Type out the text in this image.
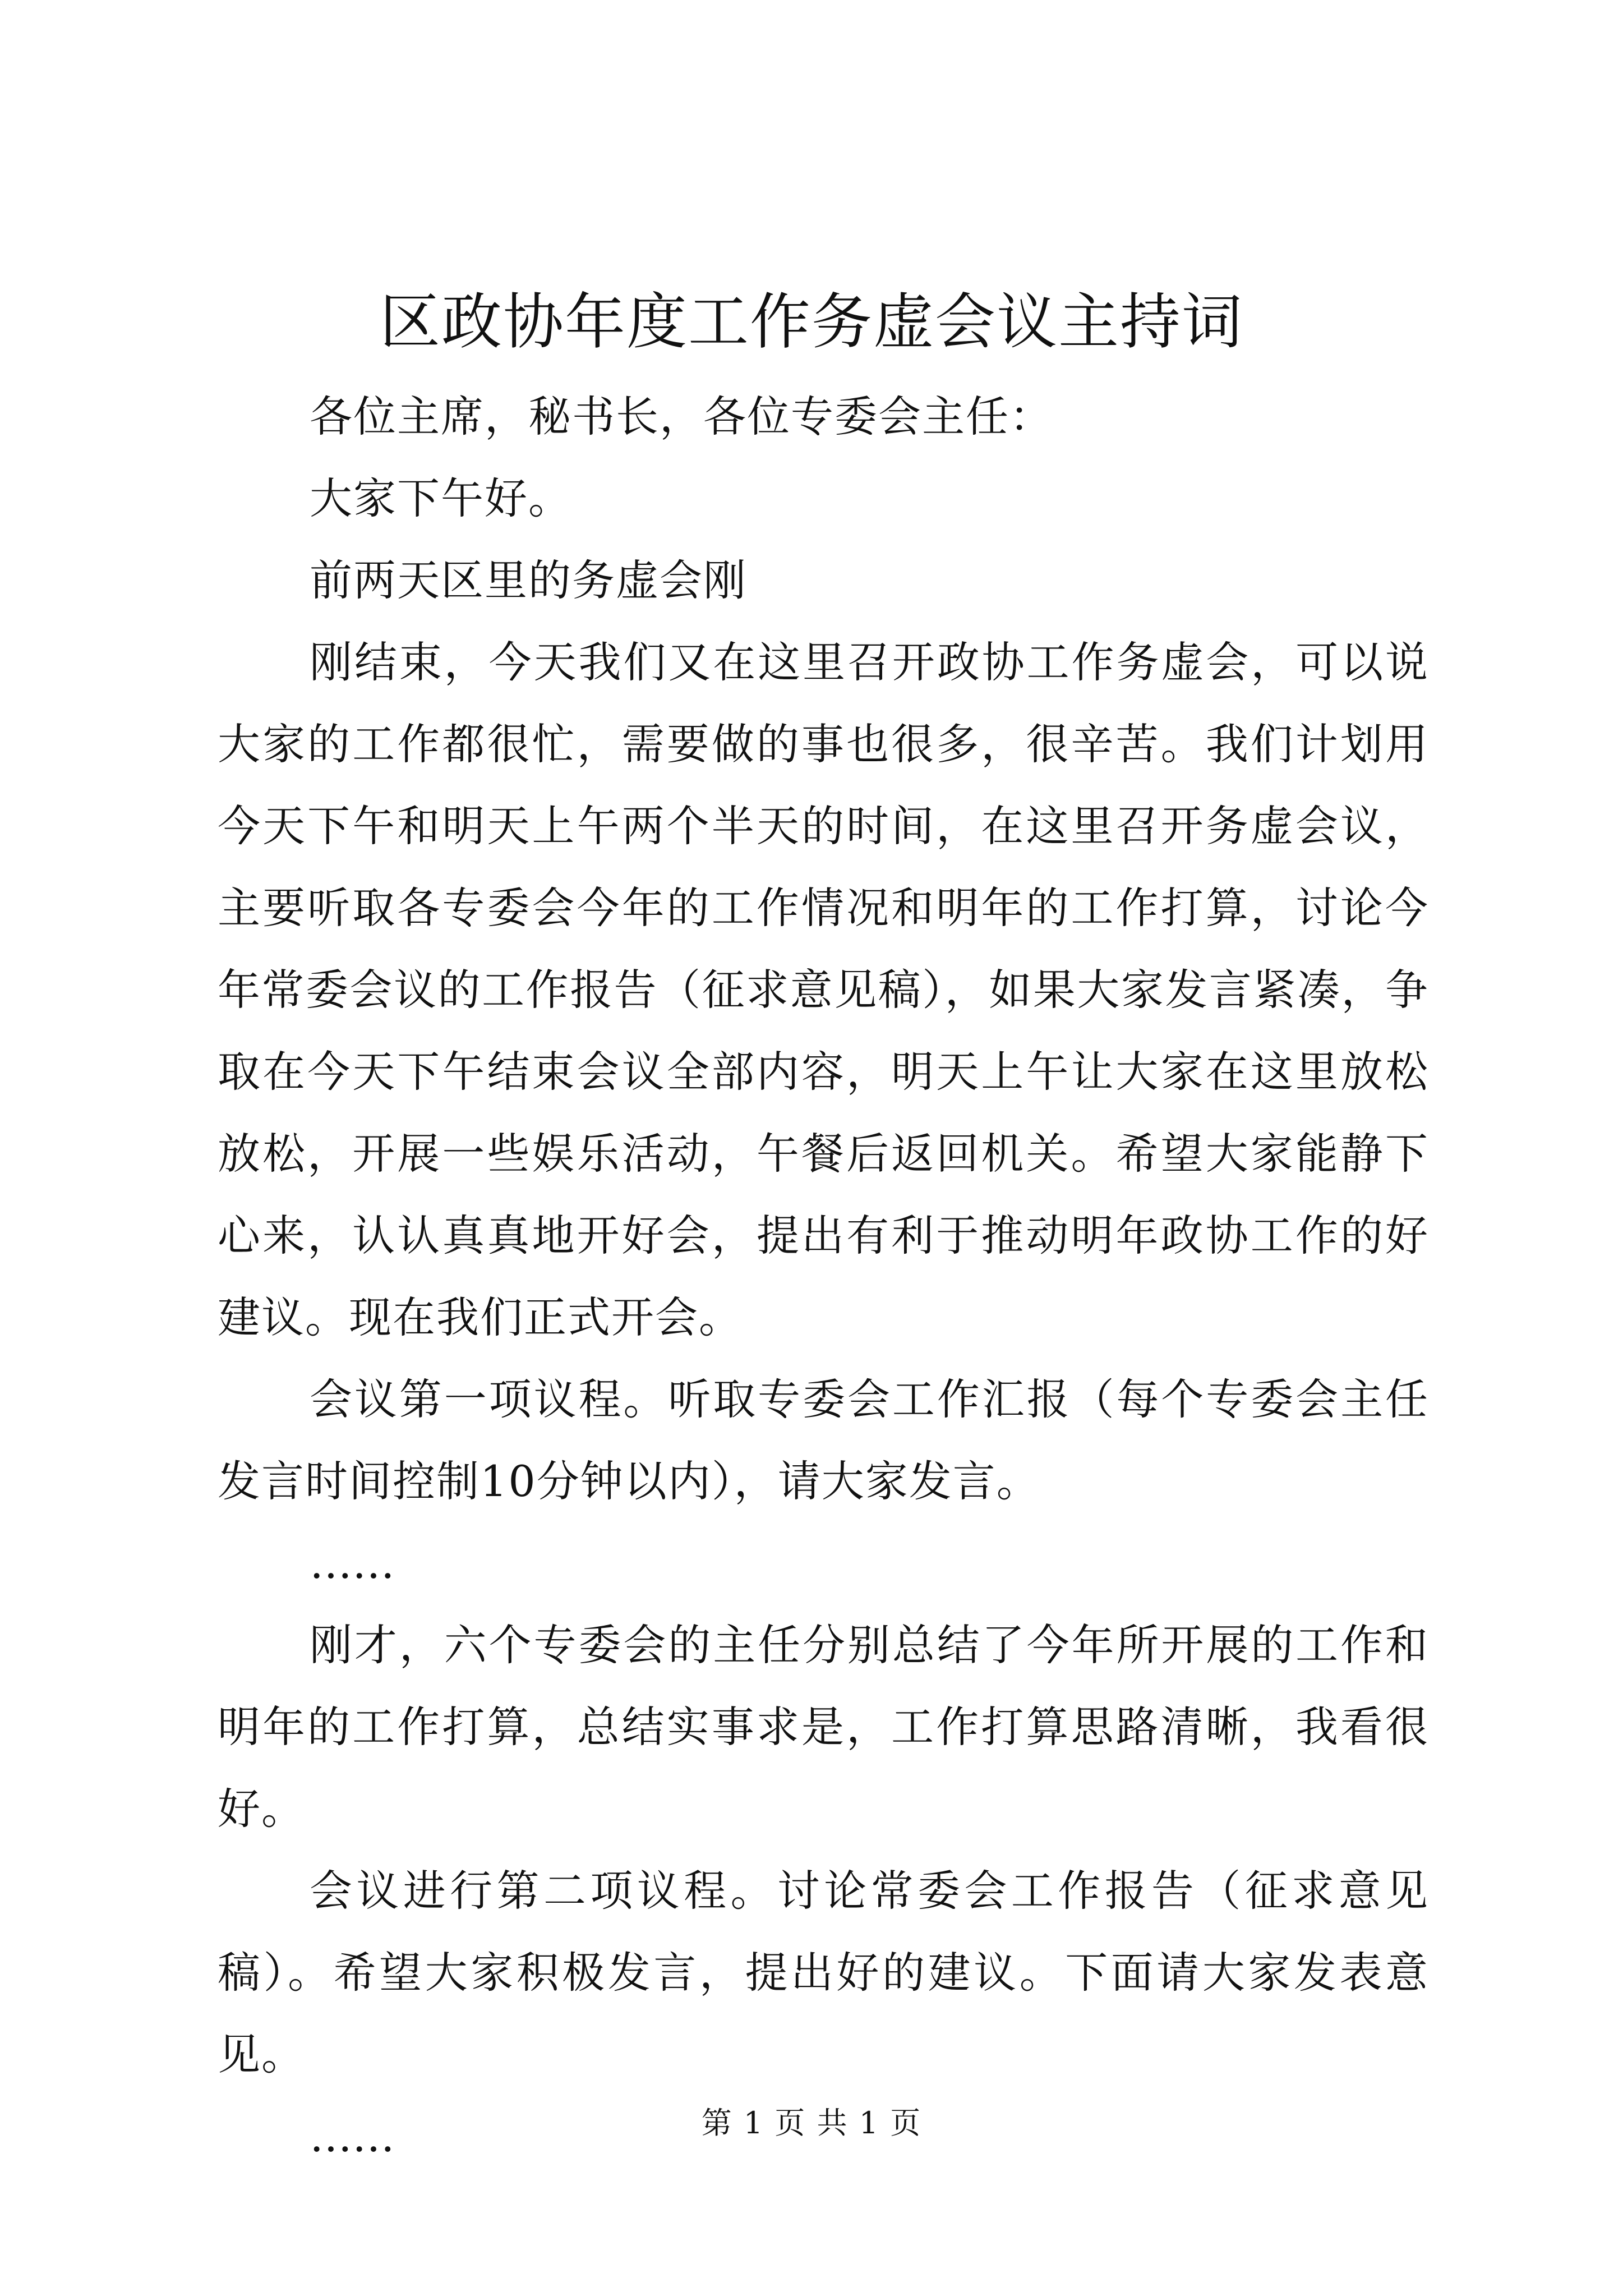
区政协年度工作务虚会议主持词

各位主席，秘书长，各位专委会主任：

大家下午好。

前两天区里的务虚会刚

刚结束，今天我们又在这里召开政协工作务虚会，可以说大家的工作都很忙，需要做的事也很多，很辛苦。我们计划用今天下午和明天上午两个半天的时间，在这里召开务虚会议，主要听取各专委会今年的工作情况和明年的工作打算，讨论今年常委会议的工作报告（征求意见稿），如果大家发言紧凑，争取在今天下午结束会议全部内容，明天上午让大家在这里放松放松，开展一些娱乐活动，午餐后返回机关。希望大家能静下心来，认认真真地开好会，提出有利于推动明年政协工作的好建议。现在我们正式开会。

会议第一项议程。听取专委会工作汇报（每个专委会主任发言时间控制10分钟以内），请大家发言。

……

刚才，六个专委会的主任分别总结了今年所开展的工作和明年的工作打算，总结实事求是，工作打算思路清晰，我看很好。

会议进行第二项议程。讨论常委会工作报告（征求意见稿）。希望大家积极发言，提出好的建议。下面请大家发表意见。

……	第 1 页 共 1 页
